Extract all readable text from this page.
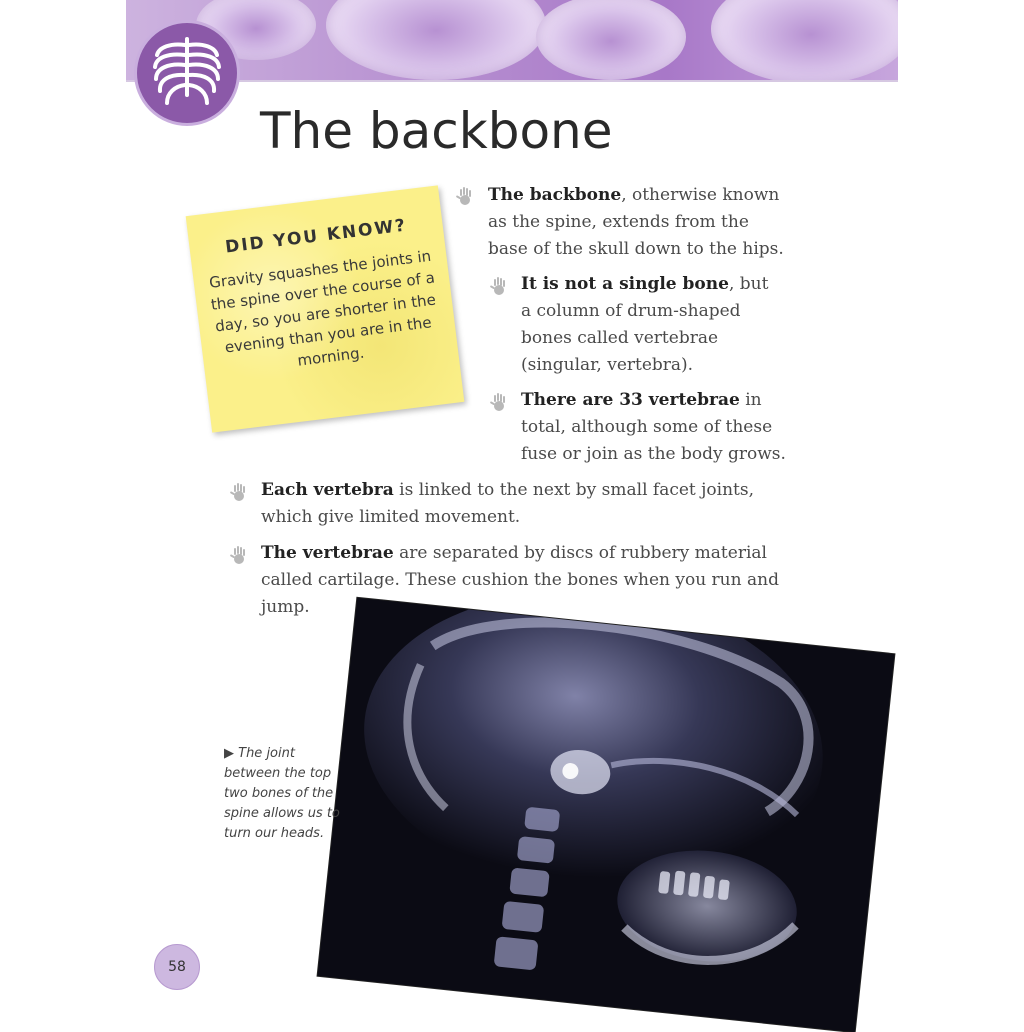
The backbone
DID YOU KNOW?
Gravity squashes the joints in the spine over the course of a day, so you are shorter in the evening than you are in the morning.

The backbone, otherwise known as the spine, extends from the base of the skull down to the hips.

It is not a single bone, but a column of drum-shaped bones called vertebrae (singular, vertebra).

There are 33 vertebrae in total, although some of these fuse or join as the body grows.

Each vertebra is linked to the next by small facet joints, which give limited movement.

The vertebrae are separated by discs of rubbery material called cartilage. These cushion the bones when you run and jump.

▶ The joint between the top two bones of the spine allows us to turn our heads.
58
